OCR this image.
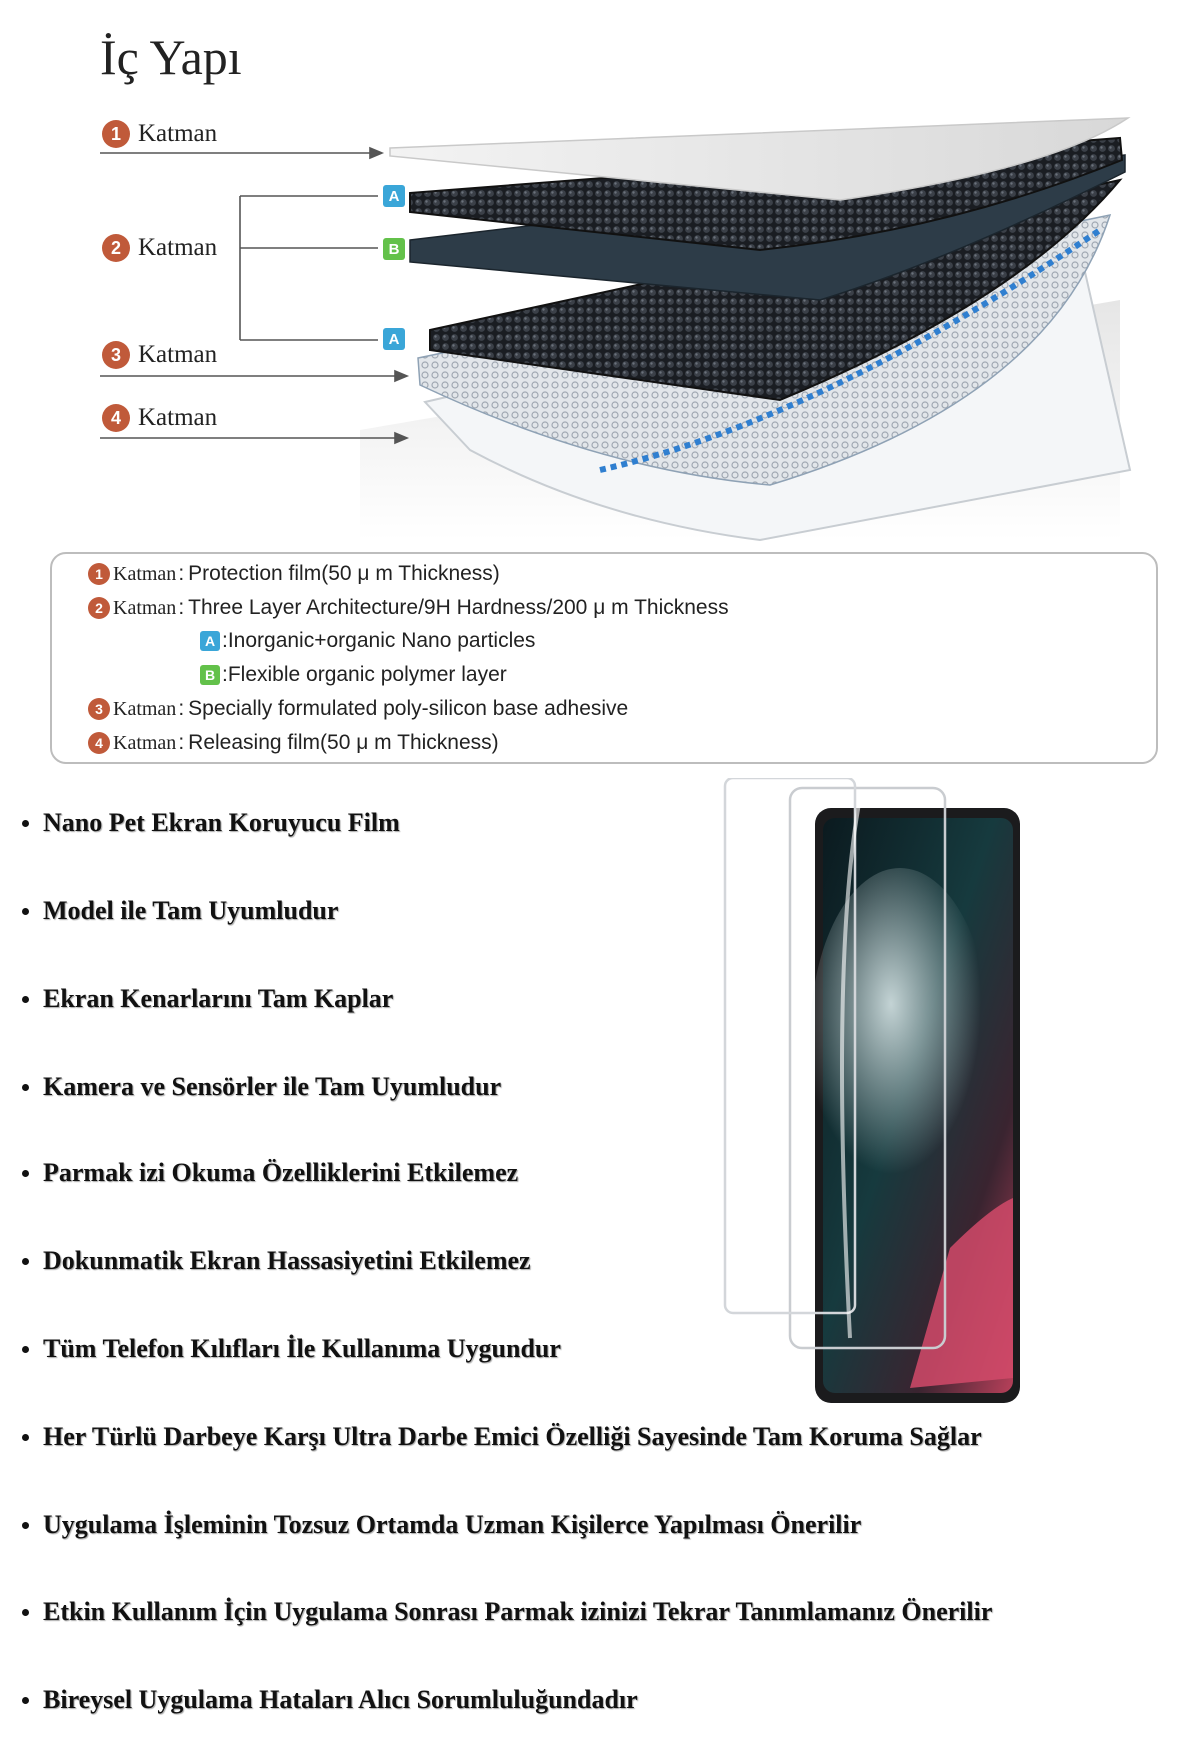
İç Yapı
1 Katman
2 Katman
3 Katman
4 Katman
A
B
A
1 Katman : Protection film(50 μ m Thickness)
2 Katman : Three Layer Architecture/9H Hardness/200 μ m Thickness
A :Inorganic+organic Nano particles
B :Flexible organic polymer layer
3 Katman : Specially formulated poly-silicon base adhesive
4 Katman : Releasing film(50 μ m Thickness)
Nano Pet Ekran Koruyucu Film
Model ile Tam Uyumludur
Ekran Kenarlarını Tam Kaplar
Kamera ve Sensörler ile Tam Uyumludur
Parmak izi Okuma Özelliklerini Etkilemez
Dokunmatik Ekran Hassasiyetini Etkilemez
Tüm Telefon Kılıfları İle Kullanıma Uygundur
Her Türlü Darbeye Karşı Ultra Darbe Emici Özelliği Sayesinde Tam Koruma Sağlar
Uygulama İşleminin Tozsuz Ortamda Uzman Kişilerce Yapılması Önerilir
Etkin Kullanım İçin Uygulama Sonrası Parmak izinizi Tekrar Tanımlamanız Önerilir
Bireysel Uygulama Hataları Alıcı Sorumluluğundadır
